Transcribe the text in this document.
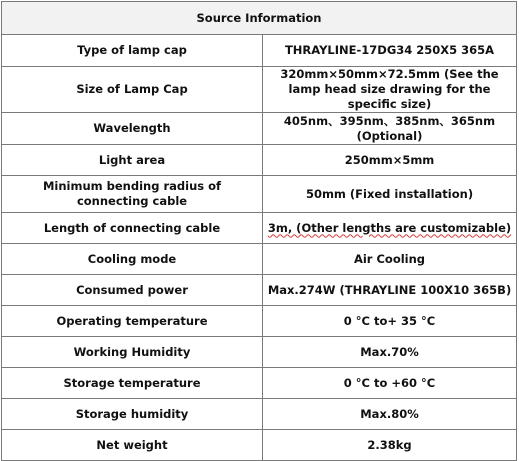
Source Information	
Type of lamp cap	THRAYLINE-17DG34 250X5 365A
Size of Lamp Cap	320mm×50mm×72.5mm (See the lamp head size drawing for the specific size)
Wavelength	405nm、395nm、385nm、365nm (Optional)
Light area	250mm×5mm
Minimum bending radius of connecting cable	50mm (Fixed installation)
Length of connecting cable	3m, (Other lengths are customizable)
Cooling mode	Air Cooling
Consumed power	Max.274W (THRAYLINE 100X10 365B)
Operating temperature	0 °C to+ 35 °C
Working Humidity	Max.70%
Storage temperature	0 °C to +60 °C
Storage humidity	Max.80%
Net weight	2.38kg
